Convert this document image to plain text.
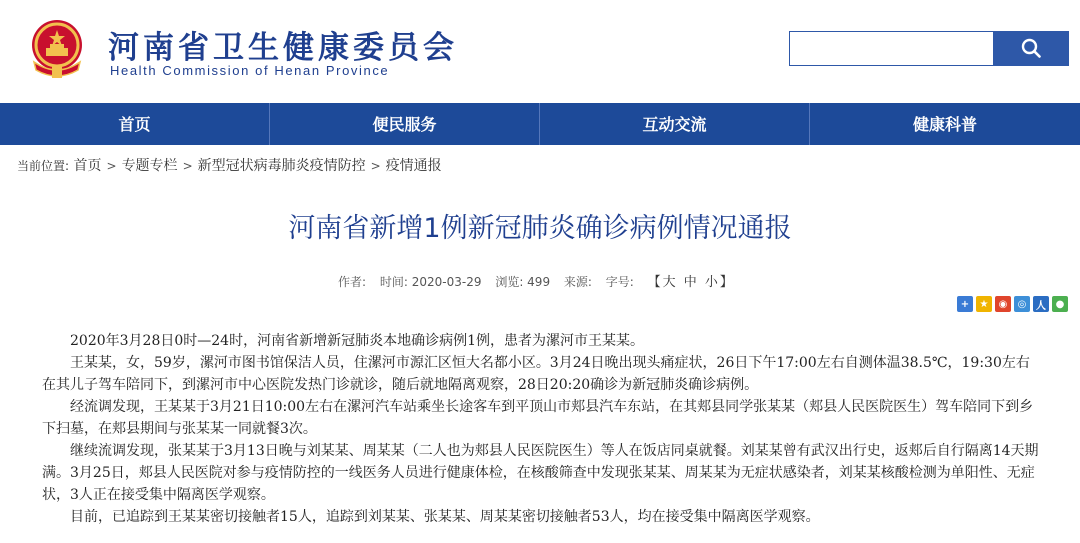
河南省卫生健康委员会
Health Commission of Henan Province
首页	便民服务	互动交流	健康科普
当前位置: 首页 > 专题专栏 > 新型冠状病毒肺炎疫情防控 > 疫情通报
河南省新增1例新冠肺炎确诊病例情况通报
作者: 时间: 2020-03-29 浏览: 499 来源: 字号: 【大 中 小】
+	★	◉	◎ 人 ●

2020年3月28日0时—24时，河南省新增新冠肺炎本地确诊病例1例，患者为漯河市王某某。

王某某，女，59岁，漯河市图书馆保洁人员，住漯河市源汇区恒大名都小区。3月24日晚出现头痛症状，26日下午17:00左右自测体温38.5℃，19:30左右在其儿子驾车陪同下，到漯河市中心医院发热门诊就诊，随后就地隔离观察，28日20:20确诊为新冠肺炎确诊病例。

经流调发现，王某某于3月21日10:00左右在漯河汽车站乘坐长途客车到平顶山市郏县汽车东站，在其郏县同学张某某（郏县人民医院医生）驾车陪同下到乡下扫墓，在郏县期间与张某某一同就餐3次。

继续流调发现，张某某于3月13日晚与刘某某、周某某（二人也为郏县人民医院医生）等人在饭店同桌就餐。刘某某曾有武汉出行史，返郏后自行隔离14天期满。3月25日，郏县人民医院对参与疫情防控的一线医务人员进行健康体检，在核酸筛查中发现张某某、周某某为无症状感染者，刘某某核酸检测为单阳性、无症状，3人正在接受集中隔离医学观察。

目前，已追踪到王某某密切接触者15人，追踪到刘某某、张某某、周某某密切接触者53人，均在接受集中隔离医学观察。
